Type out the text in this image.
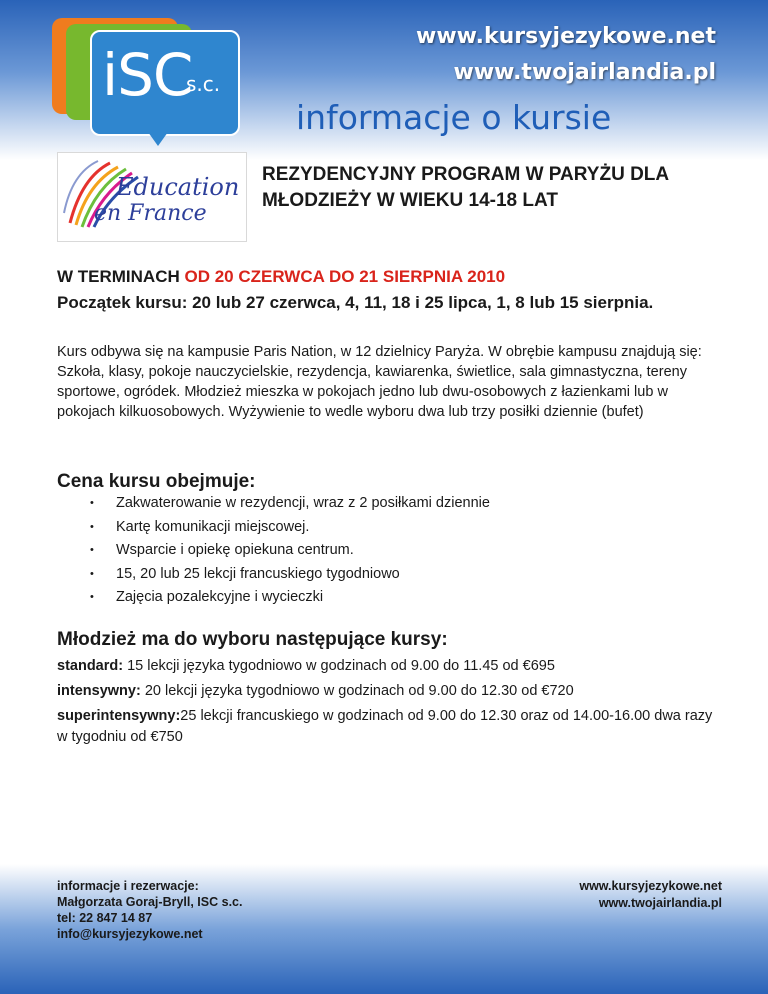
iSC
s.c.
www.kursyjezykowe.net
www.twojairlandia.pl
informacje o kursie
Education
en France
REZYDENCYJNY PROGRAM W PARYŻU DLA MŁODZIEŻY W WIEKU 14-18 LAT
W TERMINACH OD 20 CZERWCA DO 21 SIERPNIA 2010
Początek kursu: 20 lub 27 czerwca, 4, 11, 18 i 25 lipca, 1, 8 lub 15 sierpnia.
Kurs odbywa się na kampusie Paris Nation, w 12 dzielnicy Paryża. W obrębie kampusu znajdują się: Szkoła, klasy, pokoje nauczycielskie, rezydencja, kawiarenka, świetlice, sala gimnastyczna, tereny sportowe, ogródek. Młodzież mieszka w pokojach jedno lub dwu-osobowych z łazienkami lub w pokojach kilkuosobowych. Wyżywienie to wedle wyboru dwa lub trzy posiłki dziennie (bufet)
Cena kursu obejmuje:
• Zakwaterowanie w rezydencji, wraz z 2 posiłkami dziennie
• Kartę komunikacji miejscowej.
• Wsparcie i opiekę opiekuna centrum.
• 15, 20 lub 25 lekcji francuskiego tygodniowo
• Zajęcia pozalekcyjne i wycieczki
Młodzież ma do wyboru następujące kursy:
standard: 15 lekcji języka tygodniowo w godzinach od 9.00 do 11.45 od €695
intensywny: 20 lekcji języka tygodniowo w godzinach od 9.00 do 12.30 od €720
superintensywny:25 lekcji francuskiego w godzinach od 9.00 do 12.30 oraz od 14.00-16.00 dwa razy w tygodniu od €750
informacje i rezerwacje:
Małgorzata Goraj-Bryll, ISC s.c.
tel: 22 847 14 87
info@kursyjezykowe.net
www.kursyjezykowe.net
www.twojairlandia.pl
